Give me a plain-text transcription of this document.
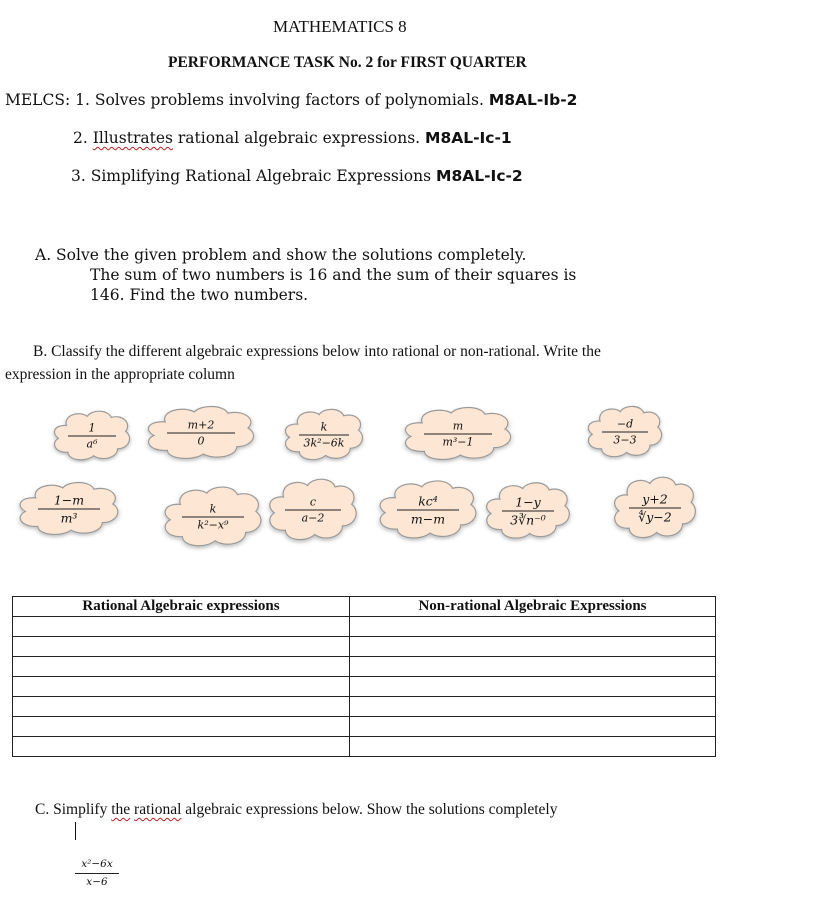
MATHEMATICS 8
PERFORMANCE TASK No. 2 for FIRST QUARTER
MELCS: 1. Solves problems involving factors of polynomials. M8AL-Ib-2
2. Illustrates rational algebraic expressions. M8AL-Ic-1
3. Simplifying Rational Algebraic Expressions M8AL-Ic-2
A. Solve the given problem and show the solutions completely.
The sum of two numbers is 16 and the sum of their squares is
146. Find the two numbers.
B. Classify the different algebraic expressions below into rational or non-rational. Write the
expression in the appropriate column
1
a⁶
m+2
0
k
3k²−6k
m
m³−1
−d
3−3
1−m
m³
k
k²−x⁹
c
a−2
kc⁴
m−m
1−y
3∛n⁻⁰
y+2
∜y−2
Rational Algebraic expressions	Non-rational Algebraic Expressions

C. Simplify the rational algebraic expressions below. Show the solutions completely
x²−6x
x−6
